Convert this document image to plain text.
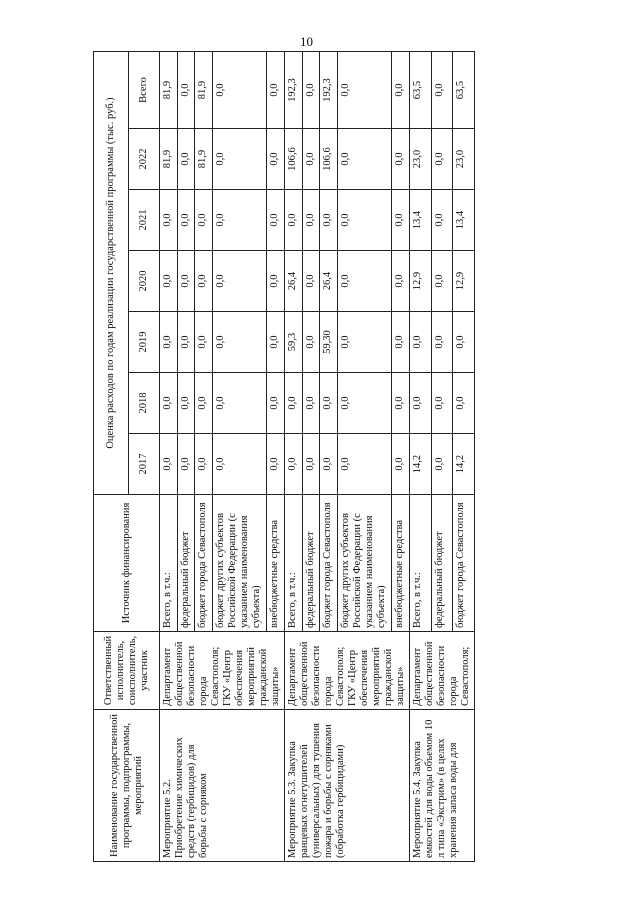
10
Наименование государственной программы, подпрограммы, мероприятий	Ответственный исполнитель, соисполнитель, участник	Источник финансирования	Оценка расходов по годам реализации государственной программы (тыс. руб.)						
			2017	2018	2019	2020	2021	2022	Всего
Мероприятие 5.2. Приобретение химических средств (гербицидов) для борьбы с сорняком	Департамент общественной безопасности города Севастополя; ГКУ «Центр обеспечения мероприятий гражданской защиты»	Всего, в т.ч.:	0,0	0,0	0,0	0,0	0,0	81,9	81,9
		федеральный бюджет	0,0	0,0	0,0	0,0	0,0	0,0	0,0
		бюджет города Севастополя	0,0	0,0	0,0	0,0	0,0	81,9	81,9
		бюджет других субъектов Российской Федерации (с указанием наименования субъекта)	0,0	0,0	0,0	0,0	0,0	0,0	0,0
		внебюджетные средства	0,0	0,0	0,0	0,0	0,0	0,0	0,0
Мероприятие 5.3. Закупка ранцевых огнетушителей (универсальных) для тушения пожара и борьбы с сорняками (обработка гербицидами)	Департамент общественной безопасности города Севастополя; ГКУ «Центр обеспечения мероприятий гражданской защиты»	Всего, в т.ч.:	0,0	0,0	59,3	26,4	0,0	106,6	192,3
		федеральный бюджет	0,0	0,0	0,0	0,0	0,0	0,0	0,0
		бюджет города Севастополя	0,0	0,0	59,30	26,4	0,0	106,6	192,3
		бюджет других субъектов Российской Федерации (с указанием наименования субъекта)	0,0	0,0	0,0	0,0	0,0	0,0	0,0
		внебюджетные средства	0,0	0,0	0,0	0,0	0,0	0,0	0,0
Мероприятие 5.4. Закупка емкостей для воды объемом 10 л типа «Экстрим» (в целях хранения запаса воды для	Департамент общественной безопасности города Севастополя;	Всего, в т.ч.:	14,2	0,0	0,0	12,9	13,4	23,0	63,5
		федеральный бюджет	0,0	0,0	0,0	0,0	0,0	0,0	0,0
		бюджет города Севастополя	14,2	0,0	0,0	12,9	13,4	23,0	63,5
